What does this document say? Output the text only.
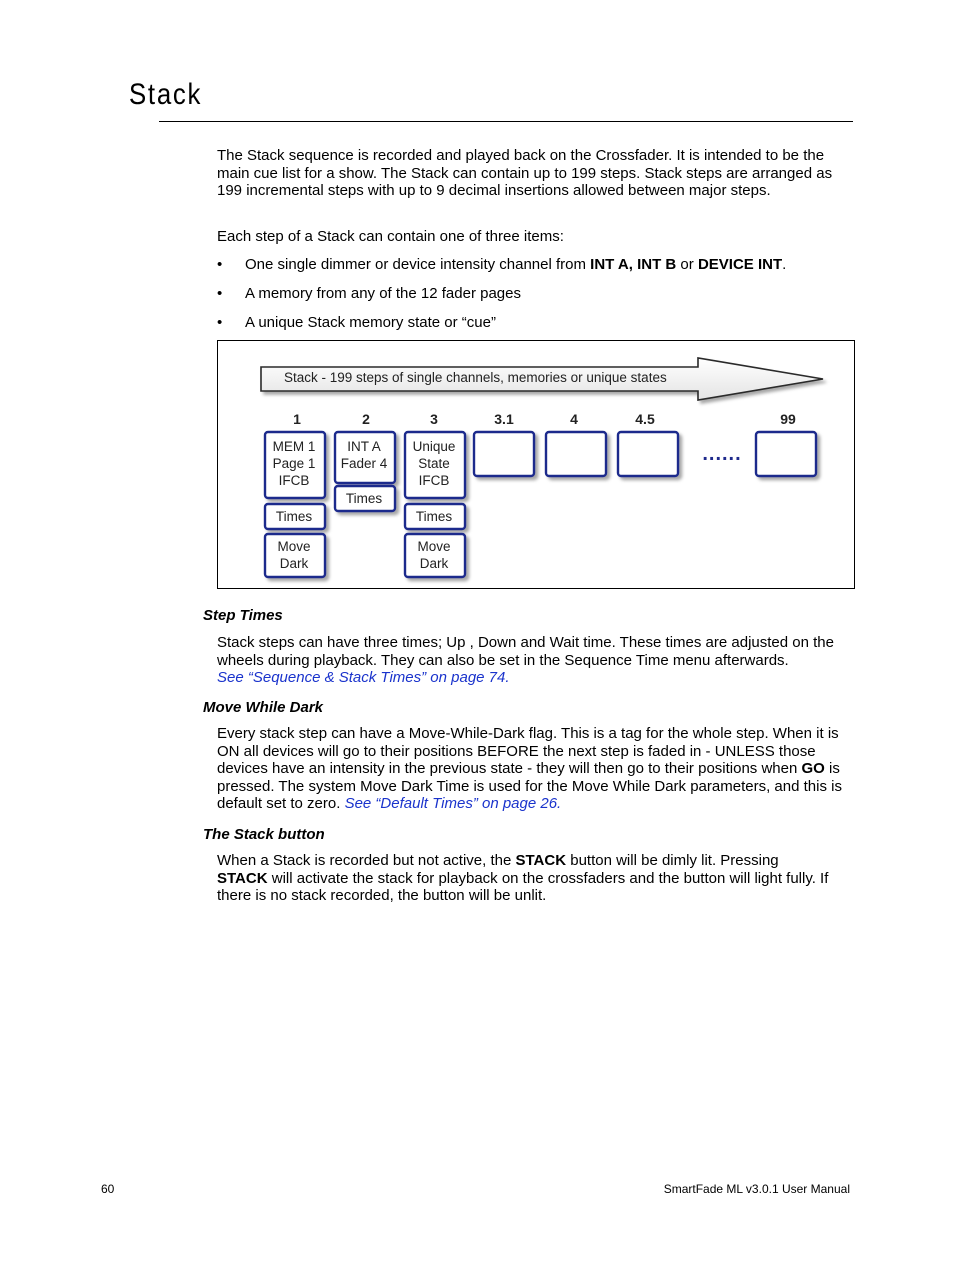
Stack

The Stack sequence is recorded and played back on the Crossfader. It is intended to be the main cue list for a show. The Stack can contain up to 199 steps. Stack steps are arranged as 199 incremental steps with up to 9 decimal insertions allowed between major steps.

Each step of a Stack can contain one of three items:

• One single dimmer or device intensity channel from INT A, INT B or DEVICE INT.
• A memory from any of the 12 fader pages
• A unique Stack memory state or “cue”
Stack - 199 steps of single channels, memories or unique states
1	2	3	3.1	4	4.5	99
MEM 1
Page 1
IFCB
Times
Move
Dark
INT A
Fader 4
Times
Unique
State
IFCB
Times
Move
Dark
......
Step Times

Stack steps can have three times; Up , Down and Wait time. These times are adjusted on the wheels during playback. They can also be set in the Sequence Time menu afterwards.
See “Sequence & Stack Times” on page 74.

Move While Dark

Every stack step can have a Move-While-Dark flag. This is a tag for the whole step. When it is ON all devices will go to their positions BEFORE the next step is faded in - UNLESS those devices have an intensity in the previous state - they will then go to their positions when GO is pressed. The system Move Dark Time is used for the Move While Dark parameters, and this is default set to zero. See “Default Times” on page 26.

The Stack button

When a Stack is recorded but not active, the STACK button will be dimly lit. Pressing
STACK will activate the stack for playback on the crossfaders and the button will light fully. If there is no stack recorded, the button will be unlit.

60	SmartFade ML v3.0.1 User Manual
